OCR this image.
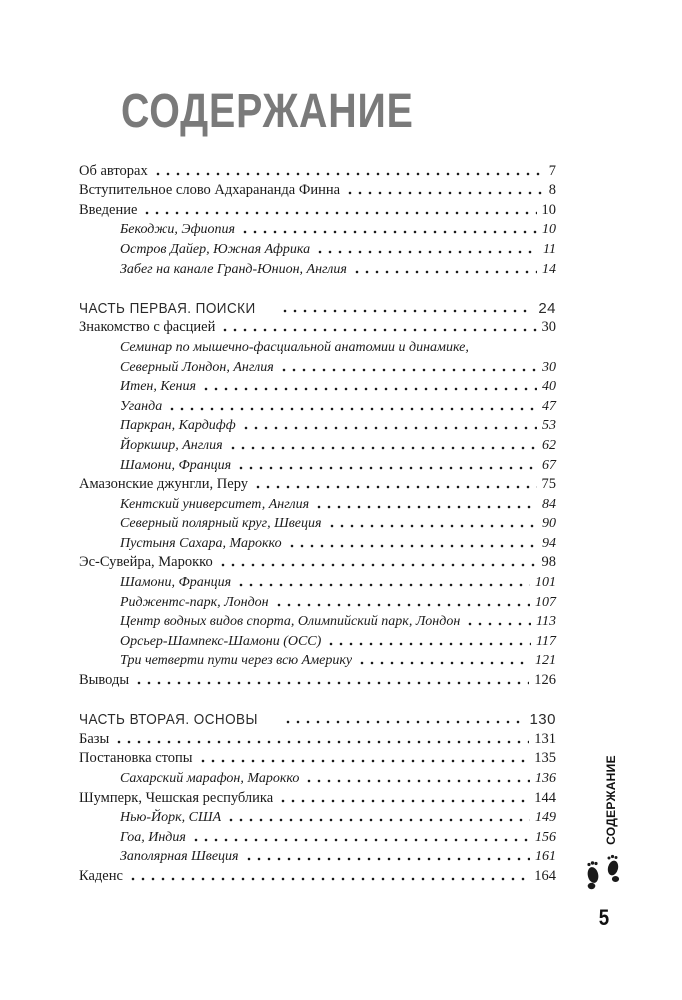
СОДЕРЖАНИЕ
Об авторах	7
Вступительное слово Адхарананда Финна	8
Введение	10
Бекоджи, Эфиопия	10
Остров Дайер, Южная Африка	11
Забег на канале Гранд-Юнион, Англия	14
ЧАСТЬ ПЕРВАЯ. ПОИСКИ	24
Знакомство с фасцией	30
Семинар по мышечно-фасциальной анатомии и динамике,
Северный Лондон, Англия	30
Итен, Кения	40
Уганда	47
Паркран, Кардифф	53
Йоркшир, Англия	62
Шамони, Франция	67
Амазонские джунгли, Перу	75
Кентский университет, Англия	84
Северный полярный круг, Швеция	90
Пустыня Сахара, Марокко	94
Эс-Сувейра, Марокко	98
Шамони, Франция	101
Риджентс-парк, Лондон	107
Центр водных видов спорта, Олимпийский парк, Лондон	113
Орсьер-Шампекс-Шамони (ОСС)	117
Три четверти пути через всю Америку	121
Выводы	126
ЧАСТЬ ВТОРАЯ. ОСНОВЫ	130
Базы	131
Постановка стопы	135
Сахарский марафон, Марокко	136
Шумперк, Чешская республика	144
Нью-Йорк, США	149
Гоа, Индия	156
Заполярная Швеция	161
Каденс	164
СОДЕРЖАНИЕ
5
